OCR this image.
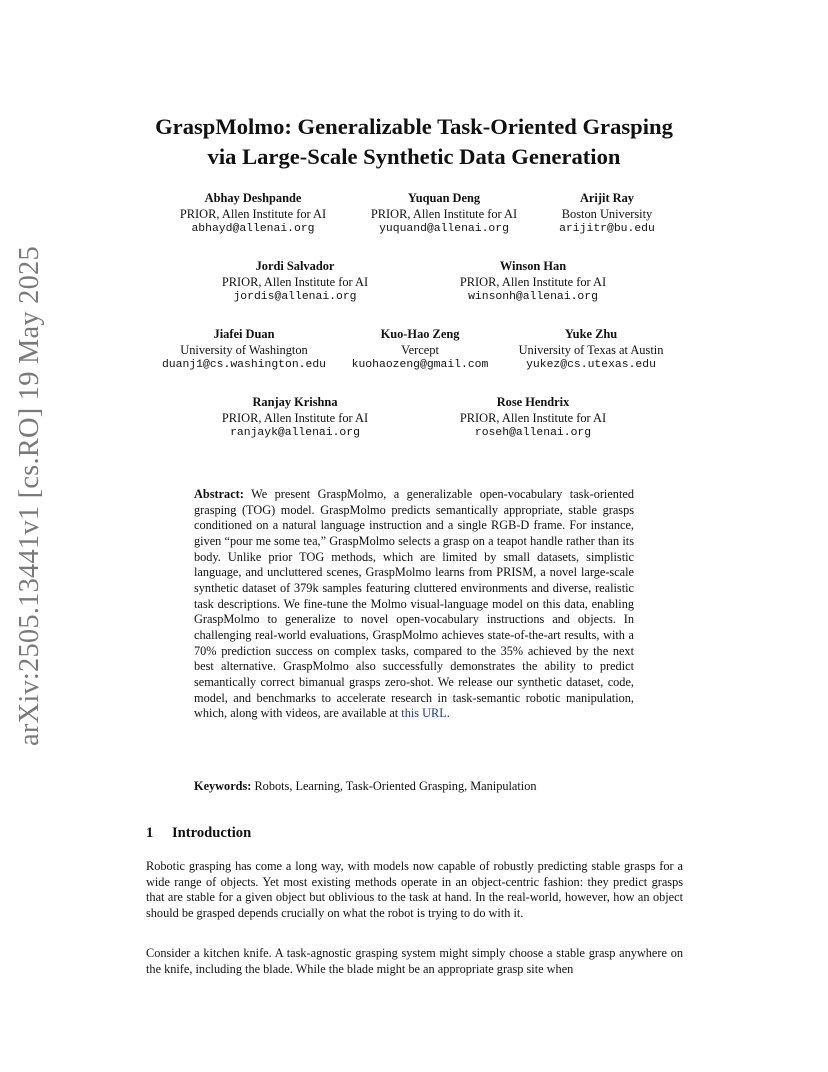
arXiv:2505.13441v1 [cs.RO] 19 May 2025
GraspMolmo: Generalizable Task-Oriented Grasping
via Large-Scale Synthetic Data Generation
Abhay Deshpande
PRIOR, Allen Institute for AI
abhayd@allenai.org
Yuquan Deng
PRIOR, Allen Institute for AI
yuquand@allenai.org
Arijit Ray
Boston University
arijitr@bu.edu
Jordi Salvador
PRIOR, Allen Institute for AI
jordis@allenai.org
Winson Han
PRIOR, Allen Institute for AI
winsonh@allenai.org
Jiafei Duan
University of Washington
duanj1@cs.washington.edu
Kuo-Hao Zeng
Vercept
kuohaozeng@gmail.com
Yuke Zhu
University of Texas at Austin
yukez@cs.utexas.edu
Ranjay Krishna
PRIOR, Allen Institute for AI
ranjayk@allenai.org
Rose Hendrix
PRIOR, Allen Institute for AI
roseh@allenai.org
Abstract: We present GraspMolmo, a generalizable open-vocabulary task-oriented grasping (TOG) model. GraspMolmo predicts semantically appropriate, stable grasps conditioned on a natural language instruction and a single RGB-D frame. For instance, given “pour me some tea,” GraspMolmo selects a grasp on a teapot handle rather than its body. Unlike prior TOG methods, which are limited by small datasets, simplistic language, and uncluttered scenes, GraspMolmo learns from PRISM, a novel large-scale synthetic dataset of 379k samples featuring cluttered environments and diverse, realistic task descriptions. We fine-tune the Molmo visual-language model on this data, enabling GraspMolmo to generalize to novel open-vocabulary instructions and objects. In challenging real-world evaluations, GraspMolmo achieves state-of-the-art results, with a 70% prediction success on complex tasks, compared to the 35% achieved by the next best alternative. GraspMolmo also successfully demonstrates the ability to predict semantically correct bimanual grasps zero-shot. We release our synthetic dataset, code, model, and benchmarks to accelerate research in task-semantic robotic manipulation, which, along with videos, are available at this URL.
Keywords: Robots, Learning, Task-Oriented Grasping, Manipulation
1 Introduction
Robotic grasping has come a long way, with models now capable of robustly predicting stable grasps for a wide range of objects. Yet most existing methods operate in an object-centric fashion: they predict grasps that are stable for a given object but oblivious to the task at hand. In the real-world, however, how an object should be grasped depends crucially on what the robot is trying to do with it.
Consider a kitchen knife. A task-agnostic grasping system might simply choose a stable grasp anywhere on the knife, including the blade. While the blade might be an appropriate grasp site when
